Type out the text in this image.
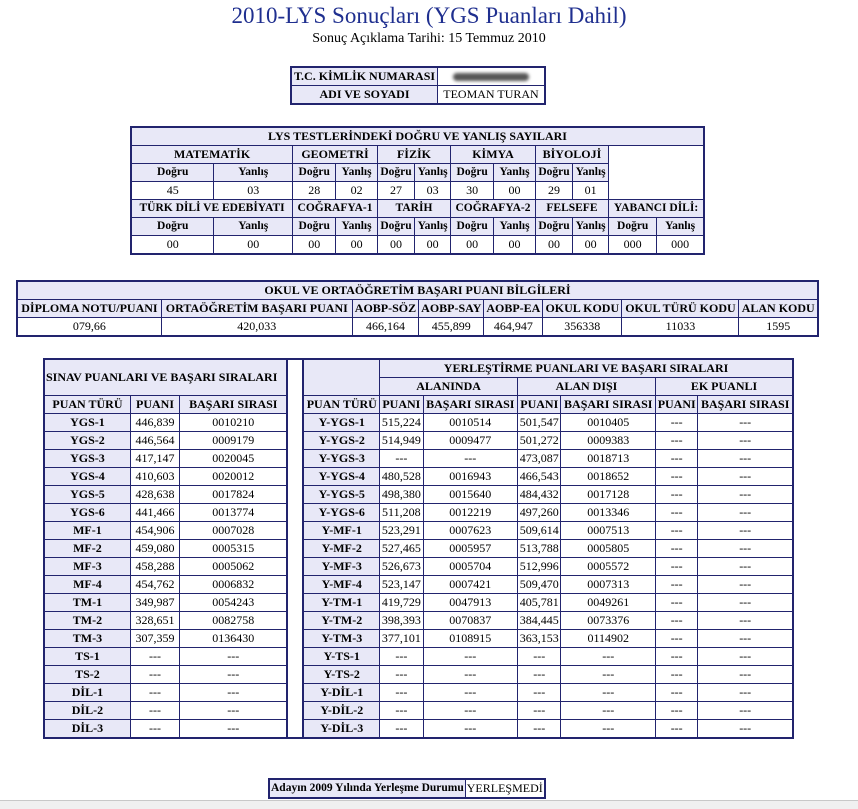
2010-LYS Sonuçları (YGS Puanları Dahil)
Sonuç Açıklama Tarihi: 15 Temmuz 2010
T.C. KİMLİK NUMARASI	
ADI VE SOYADI	TEOMAN TURAN
LYS TESTLERİNDEKİ DOĞRU VE YANLIŞ SAYILARI											
MATEMATİK		GEOMETRİ		FİZİK		KİMYA		BİYOLOJİ			
Doğru	Yanlış	Doğru	Yanlış	Doğru	Yanlış	Doğru	Yanlış	Doğru	Yanlış		
45	03	28	02	27	03	30	00	29	01		
TÜRK DİLİ VE EDEBİYATI		COĞRAFYA-1		TARİH		COĞRAFYA-2		FELSEFE		YABANCI DİLİ:	
Doğru	Yanlış	Doğru	Yanlış	Doğru	Yanlış	Doğru	Yanlış	Doğru	Yanlış	Doğru	Yanlış
00	00	00	00	00	00	00	00	00	00	000	000
OKUL VE ORTAÖĞRETİM BAŞARI PUANI BİLGİLERİ							
DİPLOMA NOTU/PUANI	ORTAÖĞRETİM BAŞARI PUANI	AOBP-SÖZ	AOBP-SAY	AOBP-EA	OKUL KODU	OKUL TÜRÜ KODU	ALAN KODU
079,66	420,033	466,164	455,899	464,947	356338	11033	1595
SINAV PUANLARI VE BAŞARI SIRALARI					YERLEŞTİRME PUANLARI VE BAŞARI SIRALARI					
					ALANINDA		ALAN DIŞI		EK PUANLI	
PUAN TÜRÜ	PUANI	BAŞARI SIRASI		PUAN TÜRÜ	PUANI	BAŞARI SIRASI	PUANI	BAŞARI SIRASI	PUANI	BAŞARI SIRASI
YGS-1	446,839	0010210		Y-YGS-1	515,224	0010514	501,547	0010405	---	---
YGS-2	446,564	0009179		Y-YGS-2	514,949	0009477	501,272	0009383	---	---
YGS-3	417,147	0020045		Y-YGS-3	---	---	473,087	0018713	---	---
YGS-4	410,603	0020012		Y-YGS-4	480,528	0016943	466,543	0018652	---	---
YGS-5	428,638	0017824		Y-YGS-5	498,380	0015640	484,432	0017128	---	---
YGS-6	441,466	0013774		Y-YGS-6	511,208	0012219	497,260	0013346	---	---
MF-1	454,906	0007028		Y-MF-1	523,291	0007623	509,614	0007513	---	---
MF-2	459,080	0005315		Y-MF-2	527,465	0005957	513,788	0005805	---	---
MF-3	458,288	0005062		Y-MF-3	526,673	0005704	512,996	0005572	---	---
MF-4	454,762	0006832		Y-MF-4	523,147	0007421	509,470	0007313	---	---
TM-1	349,987	0054243		Y-TM-1	419,729	0047913	405,781	0049261	---	---
TM-2	328,651	0082758		Y-TM-2	398,393	0070837	384,445	0073376	---	---
TM-3	307,359	0136430		Y-TM-3	377,101	0108915	363,153	0114902	---	---
TS-1	---	---		Y-TS-1	---	---	---	---	---	---
TS-2	---	---		Y-TS-2	---	---	---	---	---	---
DİL-1	---	---		Y-DİL-1	---	---	---	---	---	---
DİL-2	---	---		Y-DİL-2	---	---	---	---	---	---
DİL-3	---	---		Y-DİL-3	---	---	---	---	---	---
Adayın 2009 Yılında Yerleşme Durumu	YERLEŞMEDİ
